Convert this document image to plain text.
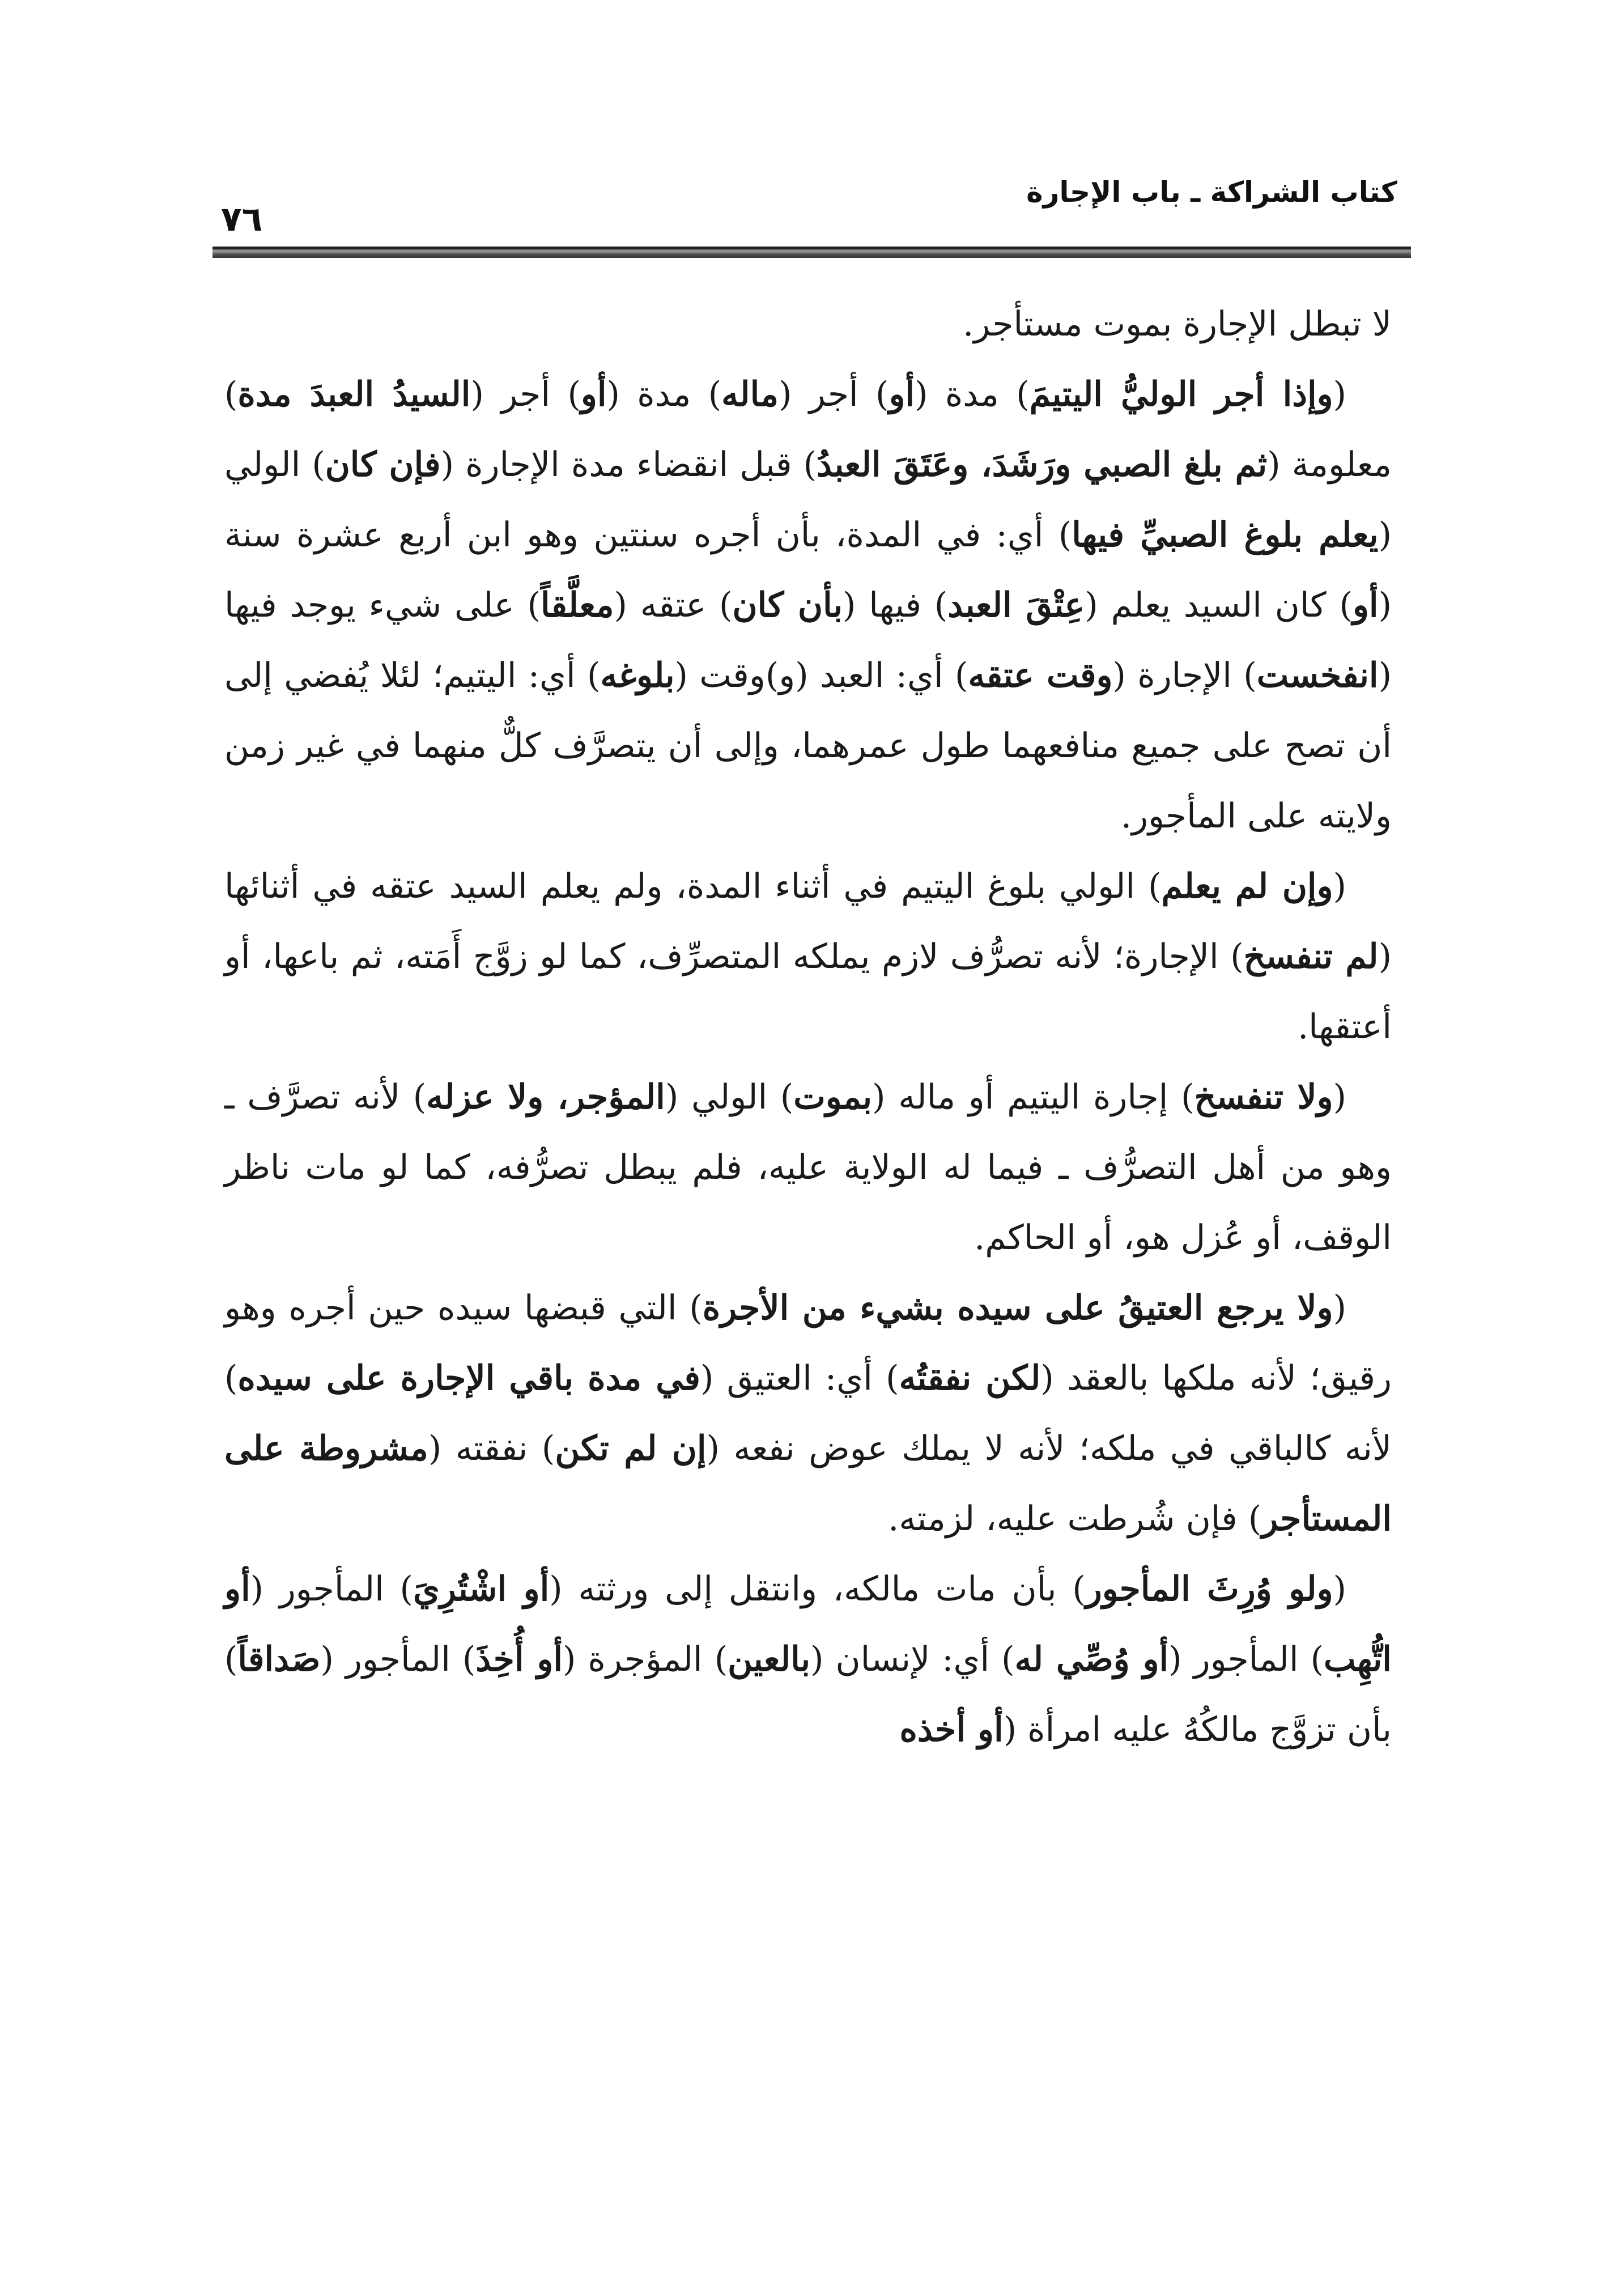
كتاب الشراكة ـ باب الإجارة
٧٦

لا تبطل الإجارة بموت مستأجر.

(وإذا أجر الوليُّ اليتيمَ) مدة (أو) أجر (ماله) مدة (أو) أجر (السيدُ العبدَ مدة) معلومة (ثم بلغ الصبي ورَشَدَ، وعَتَقَ العبدُ) قبل انقضاء مدة الإجارة (فإن كان) الولي (يعلم بلوغ الصبيِّ فيها) أي: في المدة، بأن أجره سنتين وهو ابن أربع عشرة سنة (أو) كان السيد يعلم (عِتْقَ العبد) فيها (بأن كان) عتقه (معلَّقاً) على شيء يوجد فيها (انفخست) الإجارة (وقت عتقه) أي: العبد (و)وقت (بلوغه) أي: اليتيم؛ لئلا يُفضي إلى أن تصح على جميع منافعهما طول عمرهما، وإلى أن يتصرَّف كلٌّ منهما في غير زمن ولايته على المأجور.

(وإن لم يعلم) الولي بلوغ اليتيم في أثناء المدة، ولم يعلم السيد عتقه في أثنائها (لم تنفسخ) الإجارة؛ لأنه تصرُّف لازم يملكه المتصرِّف، كما لو زوَّج أَمَته، ثم باعها، أو أعتقها.

(ولا تنفسخ) إجارة اليتيم أو ماله (بموت) الولي (المؤجر، ولا عزله) لأنه تصرَّف ـ وهو من أهل التصرُّف ـ فيما له الولاية عليه، فلم يبطل تصرُّفه، كما لو مات ناظر الوقف، أو عُزل هو، أو الحاكم.

(ولا يرجع العتيقُ على سيده بشيء من الأجرة) التي قبضها سيده حين أجره وهو رقيق؛ لأنه ملكها بالعقد (لكن نفقتُه) أي: العتيق (في مدة باقي الإجارة على سيده) لأنه كالباقي في ملكه؛ لأنه لا يملك عوض نفعه (إن لم تكن) نفقته (مشروطة على المستأجر) فإن شُرطت عليه، لزمته.

(ولو وُرِثَ المأجور) بأن مات مالكه، وانتقل إلى ورثته (أو اشْتُرِيَ) المأجور (أو اتُّهِب) المأجور (أو وُصِّي له) أي: لإنسان (بالعين) المؤجرة (أو أُخِذَ) المأجور (صَداقاً) بأن تزوَّج مالكُهُ عليه امرأة (أو أخذه
